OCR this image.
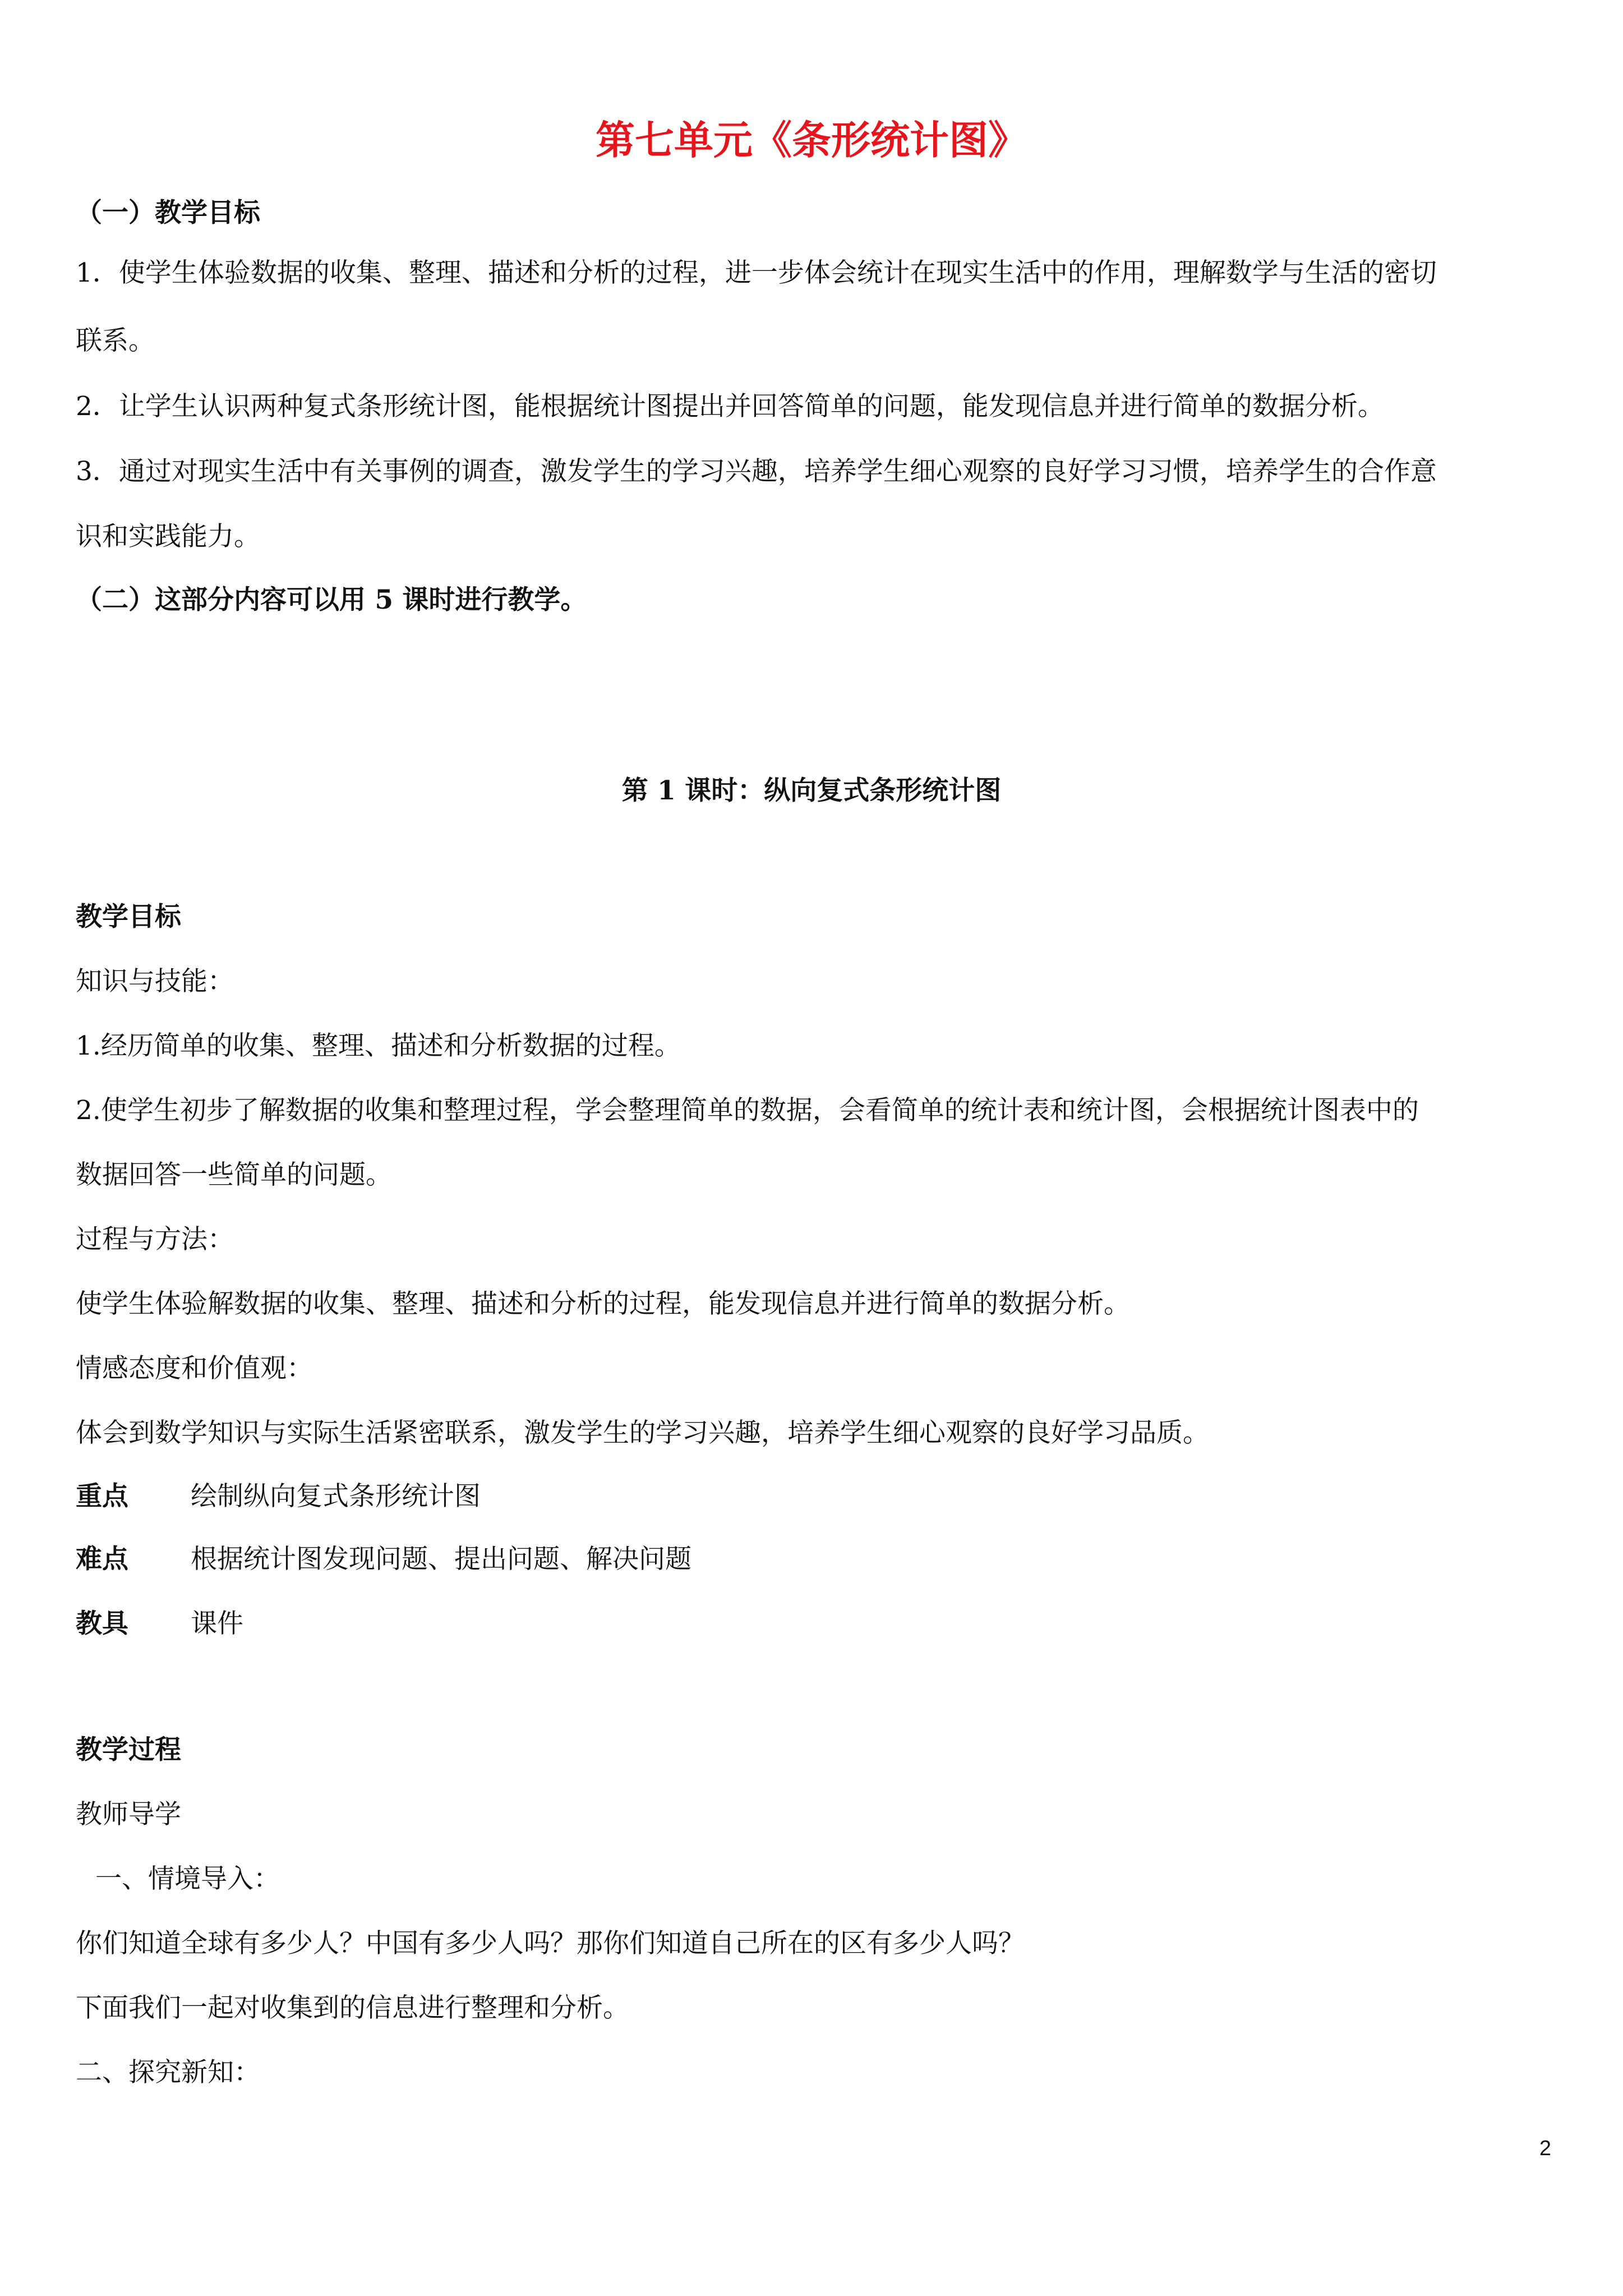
第七单元《条形统计图》
（一）教学目标
1．使学生体验数据的收集、整理、描述和分析的过程，进一步体会统计在现实生活中的作用，理解数学与生活的密切
联系。
2．让学生认识两种复式条形统计图，能根据统计图提出并回答简单的问题，能发现信息并进行简单的数据分析。
3．通过对现实生活中有关事例的调查，激发学生的学习兴趣，培养学生细心观察的良好学习习惯，培养学生的合作意
识和实践能力。
（二）这部分内容可以用 5 课时进行教学。
第 1 课时：纵向复式条形统计图
教学目标
知识与技能：
1.经历简单的收集、整理、描述和分析数据的过程。
2.使学生初步了解数据的收集和整理过程，学会整理简单的数据，会看简单的统计表和统计图，会根据统计图表中的
数据回答一些简单的问题。
过程与方法：
使学生体验解数据的收集、整理、描述和分析的过程，能发现信息并进行简单的数据分析。
情感态度和价值观：
体会到数学知识与实际生活紧密联系，激发学生的学习兴趣，培养学生细心观察的良好学习品质。
重点 绘制纵向复式条形统计图
难点 根据统计图发现问题、提出问题、解决问题
教具 课件
教学过程
教师导学
一、情境导入：
你们知道全球有多少人？中国有多少人吗？那你们知道自己所在的区有多少人吗？
下面我们一起对收集到的信息进行整理和分析。
二、探究新知：
2
